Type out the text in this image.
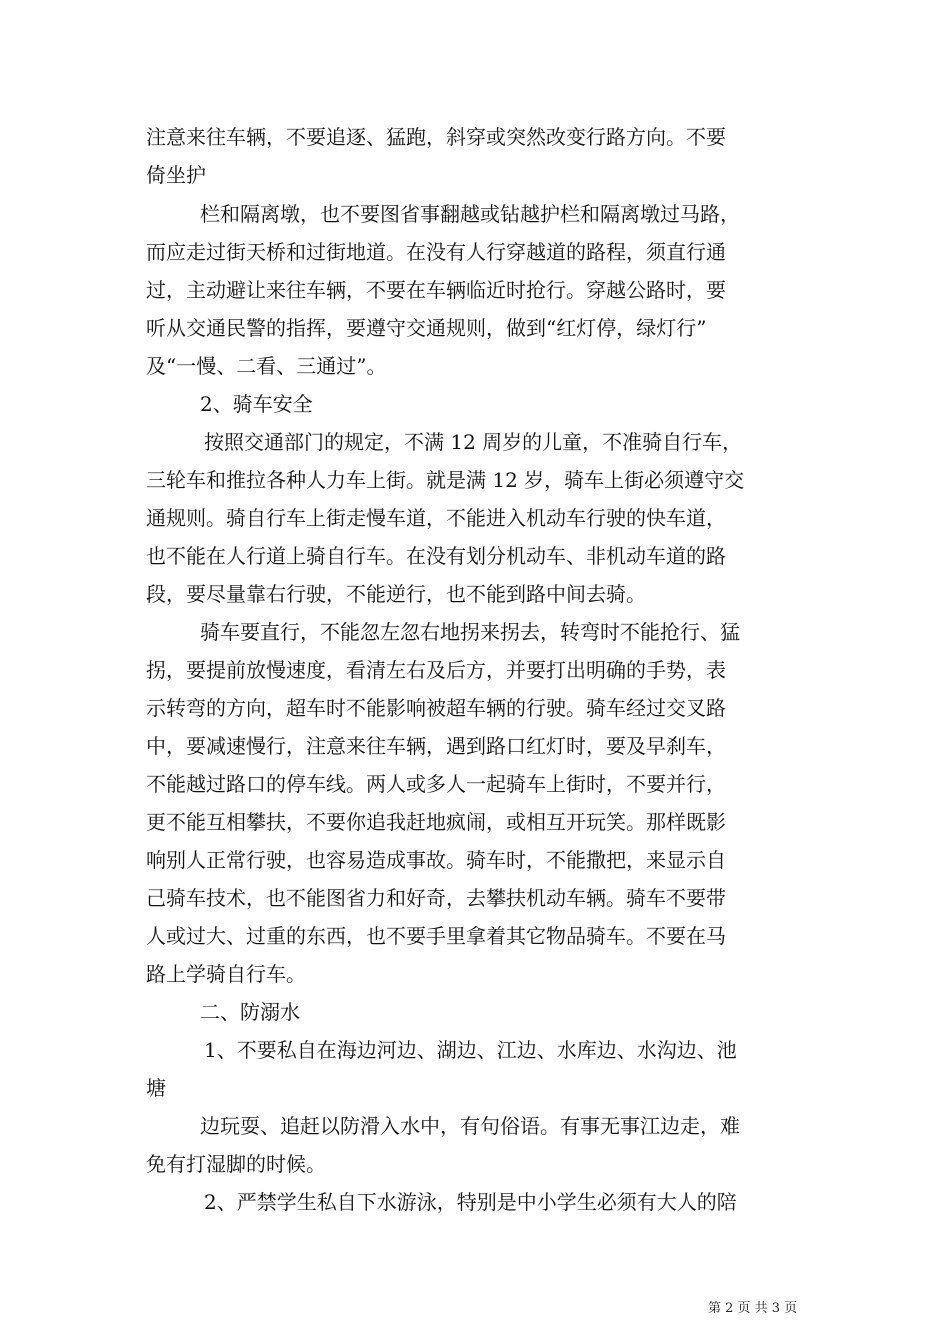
注意来往车辆，不要追逐、猛跑，斜穿或突然改变行路方向。不要
倚坐护
栏和隔离墩，也不要图省事翻越或钻越护栏和隔离墩过马路，
而应走过街天桥和过街地道。在没有人行穿越道的路程，须直行通
过，主动避让来往车辆，不要在车辆临近时抢行。穿越公路时，要
听从交通民警的指挥，要遵守交通规则，做到“红灯停，绿灯行”
及“一慢、二看、三通过”。
2、骑车安全
按照交通部门的规定，不满 12 周岁的儿童，不准骑自行车，
三轮车和推拉各种人力车上街。就是满 12 岁，骑车上街必须遵守交
通规则。骑自行车上街走慢车道，不能进入机动车行驶的快车道，
也不能在人行道上骑自行车。在没有划分机动车、非机动车道的路
段，要尽量靠右行驶，不能逆行，也不能到路中间去骑。
骑车要直行，不能忽左忽右地拐来拐去，转弯时不能抢行、猛
拐，要提前放慢速度，看清左右及后方，并要打出明确的手势，表
示转弯的方向，超车时不能影响被超车辆的行驶。骑车经过交叉路
中，要减速慢行，注意来往车辆，遇到路口红灯时，要及早刹车，
不能越过路口的停车线。两人或多人一起骑车上街时，不要并行，
更不能互相攀扶，不要你追我赶地疯闹，或相互开玩笑。那样既影
响别人正常行驶，也容易造成事故。骑车时，不能撒把，来显示自
己骑车技术，也不能图省力和好奇，去攀扶机动车辆。骑车不要带
人或过大、过重的东西，也不要手里拿着其它物品骑车。不要在马
路上学骑自行车。
二、防溺水
1、不要私自在海边河边、湖边、江边、水库边、水沟边、池
塘
边玩耍、追赶以防滑入水中，有句俗语。有事无事江边走，难
免有打湿脚的时候。
2、严禁学生私自下水游泳，特别是中小学生必须有大人的陪
第 2 页 共 3 页
